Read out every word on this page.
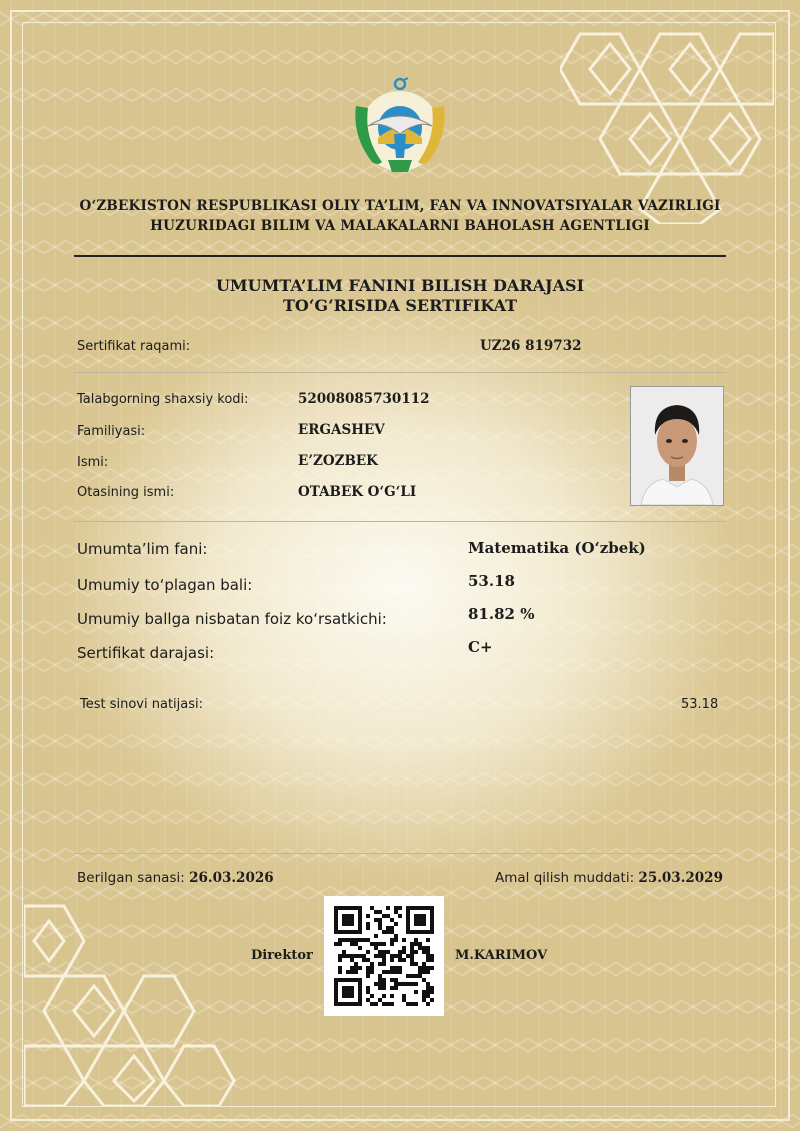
O‘ZBEKISTON RESPUBLIKASI OLIY TA’LIM, FAN VA INNOVATSIYALAR VAZIRLIGI
HUZURIDAGI BILIM VA MALAKALARNI BAHOLASH AGENTLIGI
UMUMTA’LIM FANINI BILISH DARAJASI
TO‘G‘RISIDA SERTIFIKAT
Sertifikat raqami:	UZ26 819732
Talabgorning shaxsiy kodi:	52008085730112
Familiyasi:	ERGASHEV
Ismi:	E’ZOZBEK
Otasining ismi:	OTABEK O‘G‘LI
Umumta’lim fani:	Matematika (O‘zbek)
Umumiy to‘plagan bali:	53.18
Umumiy ballga nisbatan foiz ko‘rsatkichi:	81.82 %
Sertifikat darajasi:	C+
Test sinovi natijasi:	53.18
Berilgan sanasi: 26.03.2026	Amal qilish muddati: 25.03.2029
Direktor	M.KARIMOV
